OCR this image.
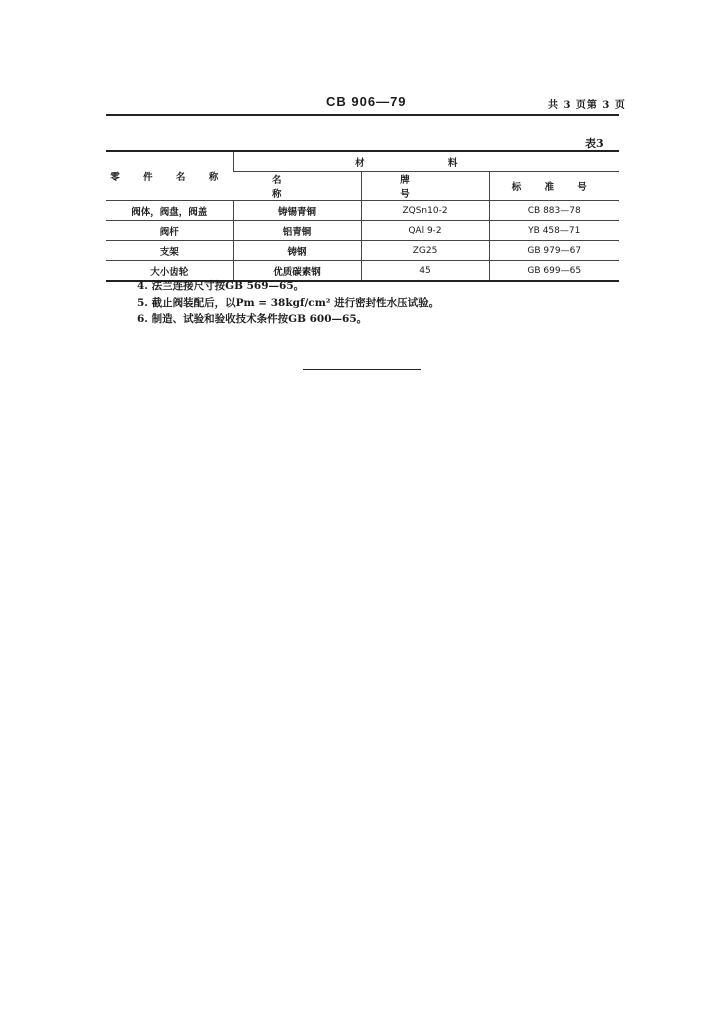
CB 906—79	共 3 页第 3 页
表3
零 件 名 称	材 料		
	名 称	牌 号	标 准 号
阀体，阀盘，阀盖	铸锡青铜	ZQSn10-2	CB 883—78
阀杆	铝青铜	QAl 9-2	YB 458—71
支架	铸钢	ZG25	GB 979—67
大小齿轮	优质碳素钢	45	GB 699—65
4. 法兰连接尺寸按GB 569—65。
5. 截止阀装配后，以Pm = 38kgf/cm² 进行密封性水压试验。
6. 制造、试验和验收技术条件按GB 600—65。
